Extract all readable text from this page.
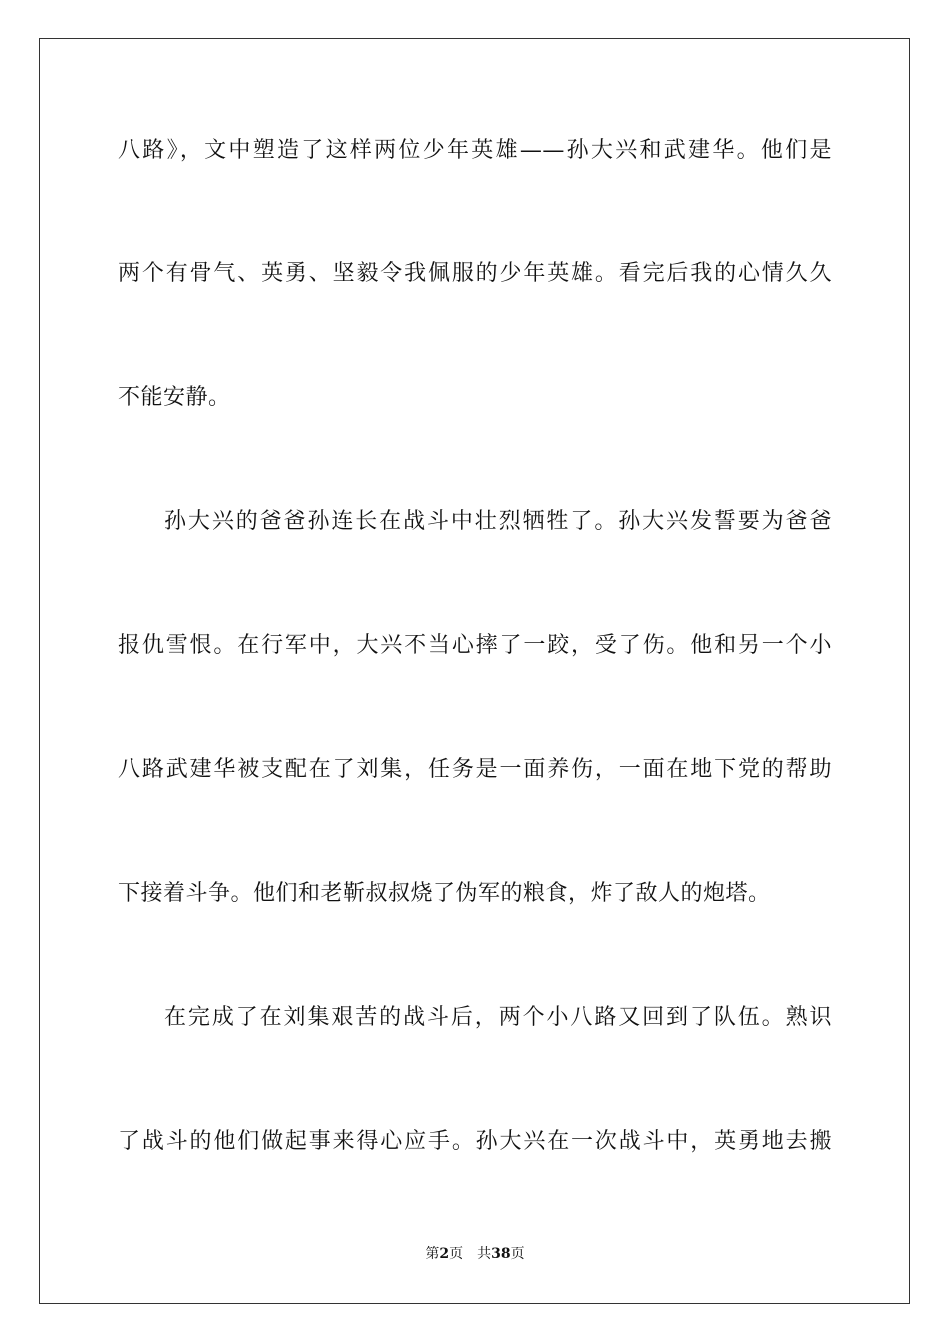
八路》，文中塑造了这样两位少年英雄——孙大兴和武建华。他们是
两个有骨气、英勇、坚毅令我佩服的少年英雄。看完后我的心情久久
不能安静。
孙大兴的爸爸孙连长在战斗中壮烈牺牲了。孙大兴发誓要为爸爸
报仇雪恨。在行军中，大兴不当心摔了一跤，受了伤。他和另一个小
八路武建华被支配在了刘集，任务是一面养伤，一面在地下党的帮助
下接着斗争。他们和老靳叔叔烧了伪军的粮食，炸了敌人的炮塔。
在完成了在刘集艰苦的战斗后，两个小八路又回到了队伍。熟识
了战斗的他们做起事来得心应手。孙大兴在一次战斗中，英勇地去搬
第2页 共38页
